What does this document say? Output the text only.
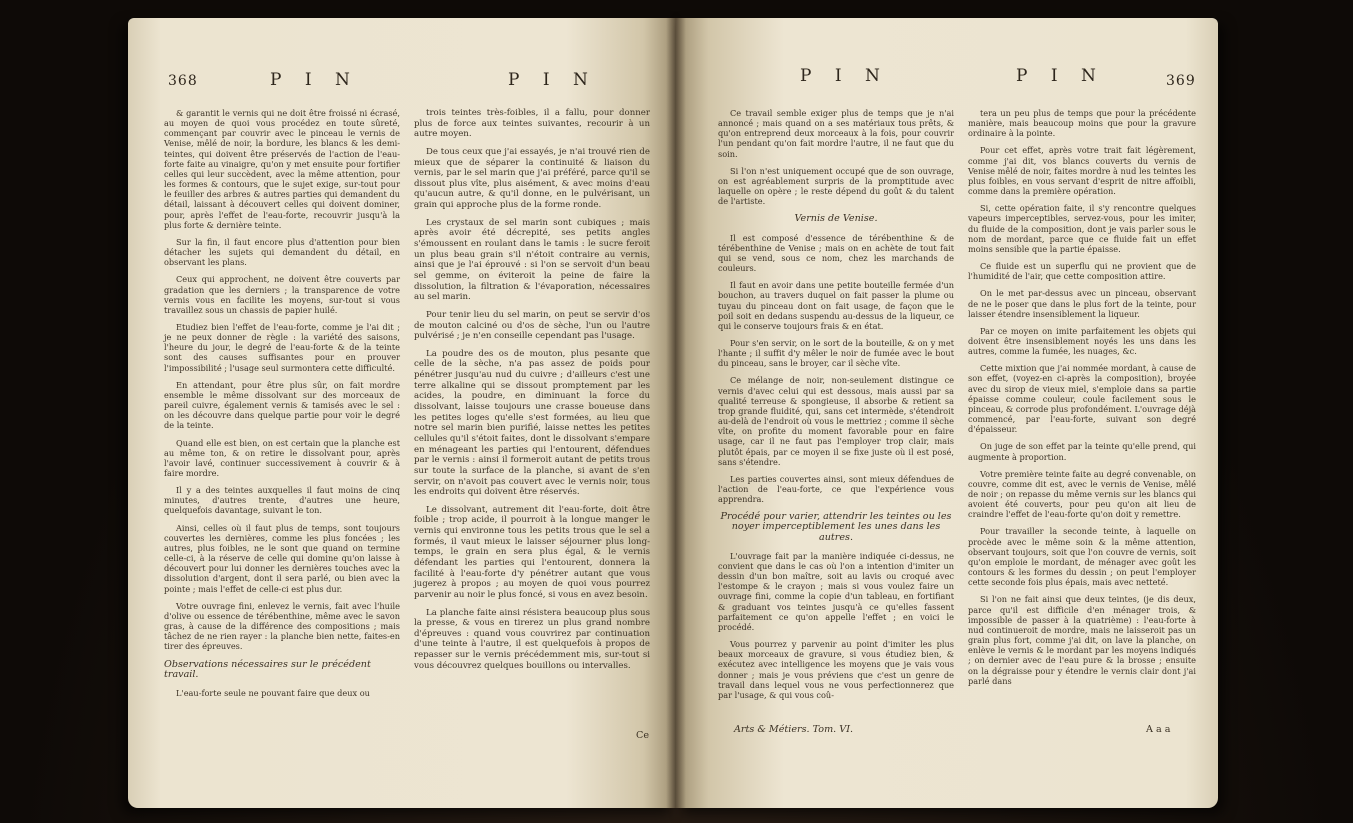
368	P I N	P I N

& garantit le vernis qui ne doit être froissé ni écrasé, au moyen de quoi vous procédez en toute sûreté, commençant par couvrir avec le pinceau le vernis de Venise, mêlé de noir, la bordure, les blancs & les demi-teintes, qui doivent être préservés de l'action de l'eau-forte faite au vinaigre, qu'on y met ensuite pour fortifier celles qui leur succèdent, avec la même attention, pour les formes & contours, que le sujet exige, sur-tout pour le feuiller des arbres & autres parties qui demandent du détail, laissant à découvert celles qui doivent dominer, pour, après l'effet de l'eau-forte, recouvrir jusqu'à la plus forte & dernière teinte.

Sur la fin, il faut encore plus d'attention pour bien détacher les sujets qui demandent du détail, en observant les plans.

Ceux qui approchent, ne doivent être couverts par gradation que les derniers ; la transparence de votre vernis vous en facilite les moyens, sur-tout si vous travaillez sous un chassis de papier huilé.

Etudiez bien l'effet de l'eau-forte, comme je l'ai dit ; je ne peux donner de règle : la variété des saisons, l'heure du jour, le degré de l'eau-forte & de la teinte sont des causes suffisantes pour en prouver l'impossibilité ; l'usage seul surmontera cette difficulté.

En attendant, pour être plus sûr, on fait mordre ensemble le même dissolvant sur des morceaux de pareil cuivre, également vernis & tamisés avec le sel : on les découvre dans quelque partie pour voir le degré de la teinte.

Quand elle est bien, on est certain que la planche est au même ton, & on retire le dissolvant pour, après l'avoir lavé, continuer successivement à couvrir & à faire mordre.

Il y a des teintes auxquelles il faut moins de cinq minutes, d'autres trente, d'autres une heure, quelquefois davantage, suivant le ton.

Ainsi, celles où il faut plus de temps, sont toujours couvertes les dernières, comme les plus foncées ; les autres, plus foibles, ne le sont que quand on termine celle-ci, à la réserve de celle qui domine qu'on laisse à découvert pour lui donner les dernières touches avec la dissolution d'argent, dont il sera parlé, ou bien avec la pointe ; mais l'effet de celle-ci est plus dur.

Votre ouvrage fini, enlevez le vernis, fait avec l'huile d'olive ou essence de térébenthine, même avec le savon gras, à cause de la différence des compositions ; mais tâchez de ne rien rayer : la planche bien nette, faites-en tirer des épreuves.

Observations nécessaires sur le précédent travail.

L'eau-forte seule ne pouvant faire que deux ou

trois teintes très-foibles, il a fallu, pour donner plus de force aux teintes suivantes, recourir à un autre moyen.

De tous ceux que j'ai essayés, je n'ai trouvé rien de mieux que de séparer la continuité & liaison du vernis, par le sel marin que j'ai préféré, parce qu'il se dissout plus vîte, plus aisément, & avec moins d'eau qu'aucun autre, & qu'il donne, en le pulvérisant, un grain qui approche plus de la forme ronde.

Les crystaux de sel marin sont cubiques ; mais après avoir été décrepité, ses petits angles s'émoussent en roulant dans le tamis : le sucre feroit un plus beau grain s'il n'étoit contraire au vernis, ainsi que je l'ai éprouvé : si l'on se servoit d'un beau sel gemme, on éviteroit la peine de faire la dissolution, la filtration & l'évaporation, nécessaires au sel marin.

Pour tenir lieu du sel marin, on peut se servir d'os de mouton calciné ou d'os de sèche, l'un ou l'autre pulvérisé ; je n'en conseille cependant pas l'usage.

La poudre des os de mouton, plus pesante que celle de la sèche, n'a pas assez de poids pour pénétrer jusqu'au nud du cuivre ; d'ailleurs c'est une terre alkaline qui se dissout promptement par les acides, la poudre, en diminuant la force du dissolvant, laisse toujours une crasse boueuse dans les petites loges qu'elle s'est formées, au lieu que notre sel marin bien purifié, laisse nettes les petites cellules qu'il s'étoit faites, dont le dissolvant s'empare en ménageant les parties qui l'entourent, défendues par le vernis : ainsi il formeroit autant de petits trous sur toute la surface de la planche, si avant de s'en servir, on n'avoit pas couvert avec le vernis noir, tous les endroits qui doivent être réservés.

Le dissolvant, autrement dit l'eau-forte, doit être foible ; trop acide, il pourroit à la longue manger le vernis qui environne tous les petits trous que le sel a formés, il vaut mieux le laisser séjourner plus long-temps, le grain en sera plus égal, & le vernis défendant les parties qui l'entourent, donnera la facilité à l'eau-forte d'y pénétrer autant que vous jugerez à propos ; au moyen de quoi vous pourrez parvenir au noir le plus foncé, si vous en avez besoin.

La planche faite ainsi résistera beaucoup plus sous la presse, & vous en tirerez un plus grand nombre d'épreuves : quand vous couvrirez par continuation d'une teinte à l'autre, il est quelquefois à propos de repasser sur le vernis précédemment mis, sur-tout si vous découvrez quelques bouillons ou intervalles.

Ce
P I N	P I N	369

Ce travail semble exiger plus de temps que je n'ai annoncé ; mais quand on a ses matériaux tous prêts, & qu'on entreprend deux morceaux à la fois, pour couvrir l'un pendant qu'on fait mordre l'autre, il ne faut que du soin.

Si l'on n'est uniquement occupé que de son ouvrage, on est agréablement surpris de la promptitude avec laquelle on opère ; le reste dépend du goût & du talent de l'artiste.

Vernis de Venise.

Il est composé d'essence de térébenthine & de térébenthine de Venise ; mais on en achète de tout fait qui se vend, sous ce nom, chez les marchands de couleurs.

Il faut en avoir dans une petite bouteille fermée d'un bouchon, au travers duquel on fait passer la plume ou tuyau du pinceau dont on fait usage, de façon que le poil soit en dedans suspendu au-dessus de la liqueur, ce qui le conserve toujours frais & en état.

Pour s'en servir, on le sort de la bouteille, & on y met l'hante ; il suffit d'y mêler le noir de fumée avec le bout du pinceau, sans le broyer, car il sèche vîte.

Ce mélange de noir, non-seulement distingue ce vernis d'avec celui qui est dessous, mais aussi par sa qualité terreuse & spongieuse, il absorbe & retient sa trop grande fluidité, qui, sans cet intermède, s'étendroit au-delà de l'endroit où vous le mettriez ; comme il sèche vîte, on profite du moment favorable pour en faire usage, car il ne faut pas l'employer trop clair, mais plutôt épais, par ce moyen il se fixe juste où il est posé, sans s'étendre.

Les parties couvertes ainsi, sont mieux défendues de l'action de l'eau-forte, ce que l'expérience vous apprendra.

Procédé pour varier, attendrir les teintes ou les noyer imperceptiblement les unes dans les autres.

L'ouvrage fait par la manière indiquée ci-dessus, ne convient que dans le cas où l'on a intention d'imiter un dessin d'un bon maître, soit au lavis ou croqué avec l'estompe & le crayon ; mais si vous voulez faire un ouvrage fini, comme la copie d'un tableau, en fortifiant & graduant vos teintes jusqu'à ce qu'elles fassent parfaitement ce qu'on appelle l'effet ; en voici le procédé.

Vous pourrez y parvenir au point d'imiter les plus beaux morceaux de gravure, si vous étudiez bien, & exécutez avec intelligence les moyens que je vais vous donner ; mais je vous préviens que c'est un genre de travail dans lequel vous ne vous perfectionnerez que par l'usage, & qui vous coû-

tera un peu plus de temps que pour la précédente manière, mais beaucoup moins que pour la gravure ordinaire à la pointe.

Pour cet effet, après votre trait fait légèrement, comme j'ai dit, vos blancs couverts du vernis de Venise mêlé de noir, faites mordre à nud les teintes les plus foibles, en vous servant d'esprit de nitre affoibli, comme dans la première opération.

Si, cette opération faite, il s'y rencontre quelques vapeurs imperceptibles, servez-vous, pour les imiter, du fluide de la composition, dont je vais parler sous le nom de mordant, parce que ce fluide fait un effet moins sensible que la partie épaisse.

Ce fluide est un superflu qui ne provient que de l'humidité de l'air, que cette composition attire.

On le met par-dessus avec un pinceau, observant de ne le poser que dans le plus fort de la teinte, pour laisser étendre insensiblement la liqueur.

Par ce moyen on imite parfaitement les objets qui doivent être insensiblement noyés les uns dans les autres, comme la fumée, les nuages, &c.

Cette mixtion que j'ai nommée mordant, à cause de son effet, (voyez-en ci-après la composition), broyée avec du sirop de vieux miel, s'emploie dans sa partie épaisse comme couleur, coule facilement sous le pinceau, & corrode plus profondément. L'ouvrage déjà commencé, par l'eau-forte, suivant son degré d'épaisseur.

On juge de son effet par la teinte qu'elle prend, qui augmente à proportion.

Votre première teinte faite au degré convenable, on couvre, comme dit est, avec le vernis de Venise, mêlé de noir ; on repasse du même vernis sur les blancs qui avoient été couverts, pour peu qu'on ait lieu de craindre l'effet de l'eau-forte qu'on doit y remettre.

Pour travailler la seconde teinte, à laquelle on procède avec le même soin & la même attention, observant toujours, soit que l'on couvre de vernis, soit qu'on emploie le mordant, de ménager avec goût les contours & les formes du dessin ; on peut l'employer cette seconde fois plus épais, mais avec netteté.

Si l'on ne fait ainsi que deux teintes, (je dis deux, parce qu'il est difficile d'en ménager trois, & impossible de passer à la quatrième) : l'eau-forte à nud continueroit de mordre, mais ne laisseroit pas un grain plus fort, comme j'ai dit, on lave la planche, on enlève le vernis & le mordant par les moyens indiqués ; on dernier avec de l'eau pure & la brosse ; ensuite on la dégraisse pour y étendre le vernis clair dont j'ai parlé dans

Arts & Métiers. Tom. VI.	A a a
